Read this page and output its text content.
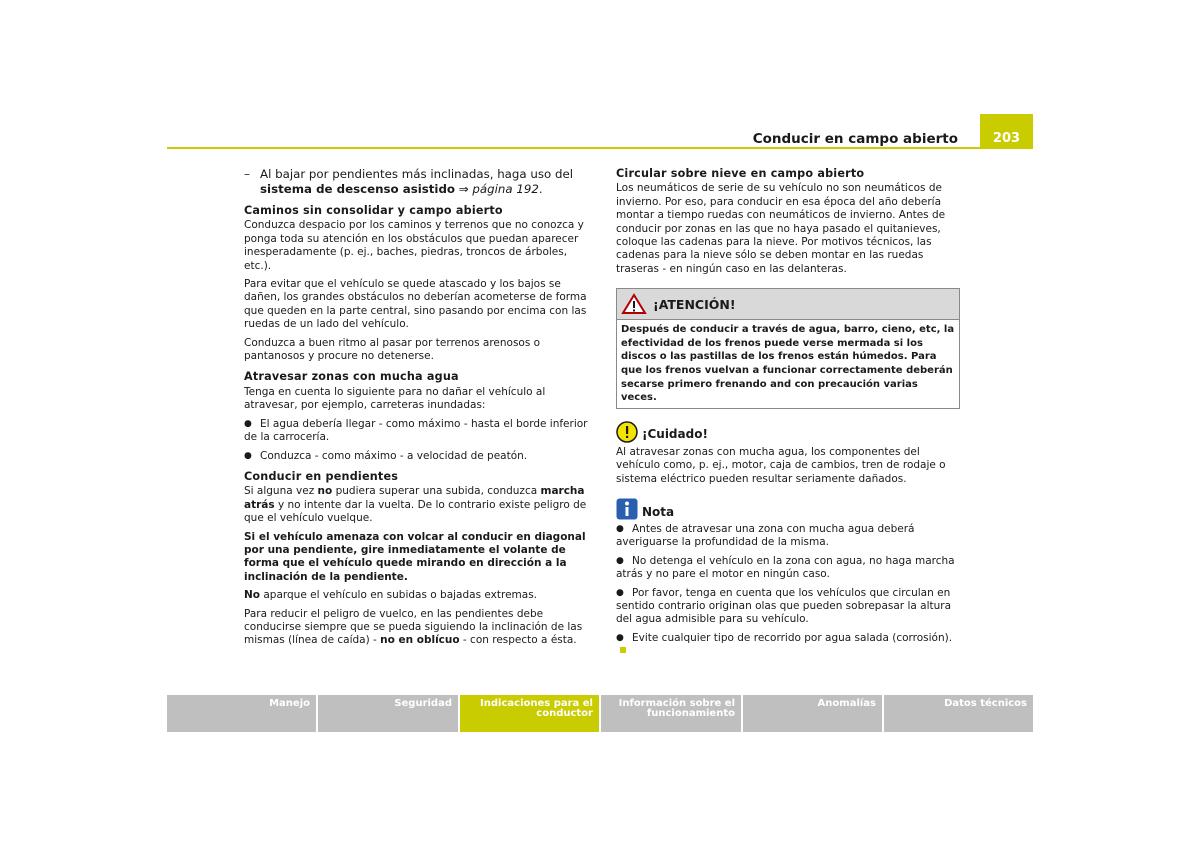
Conducir en campo abierto	203

– Al bajar por pendientes más inclinadas, haga uso del
sistema de descenso asistido ⇒ página 192.

Caminos sin consolidar y campo abierto

Conduzca despacio por los caminos y terrenos que no conozca y ponga toda su atención en los obstáculos que puedan aparecer inesperadamente (p. ej., baches, piedras, troncos de árboles, etc.).

Para evitar que el vehículo se quede atascado y los bajos se dañen, los grandes obstáculos no deberían acometerse de forma que queden en la parte central, sino pasando por encima con las ruedas de un lado del vehículo.

Conduzca a buen ritmo al pasar por terrenos arenosos o pantanosos y procure no detenerse.

Atravesar zonas con mucha agua

Tenga en cuenta lo siguiente para no dañar el vehículo al atravesar, por ejemplo, carreteras inundadas:

● El agua debería llegar - como máximo - hasta el borde inferior de la carrocería.

● Conduzca - como máximo - a velocidad de peatón.

Conducir en pendientes

Si alguna vez no pudiera superar una subida, conduzca marcha atrás y no intente dar la vuelta. De lo contrario existe peligro de que el vehículo vuelque.

Si el vehículo amenaza con volcar al conducir en diagonal por una pendiente, gire inmediatamente el volante de forma que el vehículo quede mirando en dirección a la inclinación de la pendiente.

No aparque el vehículo en subidas o bajadas extremas.

Para reducir el peligro de vuelco, en las pendientes debe conducirse siempre que se pueda siguiendo la inclinación de las mismas (línea de caída) - no en oblícuo - con respecto a ésta.

Circular sobre nieve en campo abierto

Los neumáticos de serie de su vehículo no son neumáticos de invierno. Por eso, para conducir en esa época del año debería montar a tiempo ruedas con neumáticos de invierno. Antes de conducir por zonas en las que no haya pasado el quitanieves, coloque las cadenas para la nieve. Por motivos técnicos, las cadenas para la nieve sólo se deben montar en las ruedas traseras - en ningún caso en las delanteras.

¡ATENCIÓN!
Después de conducir a través de agua, barro, cieno, etc, la efectividad de los frenos puede verse mermada si los discos o las pastillas de los frenos están húmedos. Para que los frenos vuelvan a funcionar correctamente deberán secarse primero frenando and con precaución varias veces.
¡Cuidado!

Al atravesar zonas con mucha agua, los componentes del vehículo como, p. ej., motor, caja de cambios, tren de rodaje o sistema eléctrico pueden resultar seriamente dañados.

Nota

● Antes de atravesar una zona con mucha agua deberá averiguarse la profundidad de la misma.

● No detenga el vehículo en la zona con agua, no haga marcha atrás y no pare el motor en ningún caso.

● Por favor, tenga en cuenta que los vehículos que circulan en sentido contrario originan olas que pueden sobrepasar la altura del agua admisible para su vehículo.

● Evite cualquier tipo de recorrido por agua salada (corrosión).

Manejo	Seguridad	Indicaciones para el conductor
Información sobre el funcionamiento
Anomalías	Datos técnicos
